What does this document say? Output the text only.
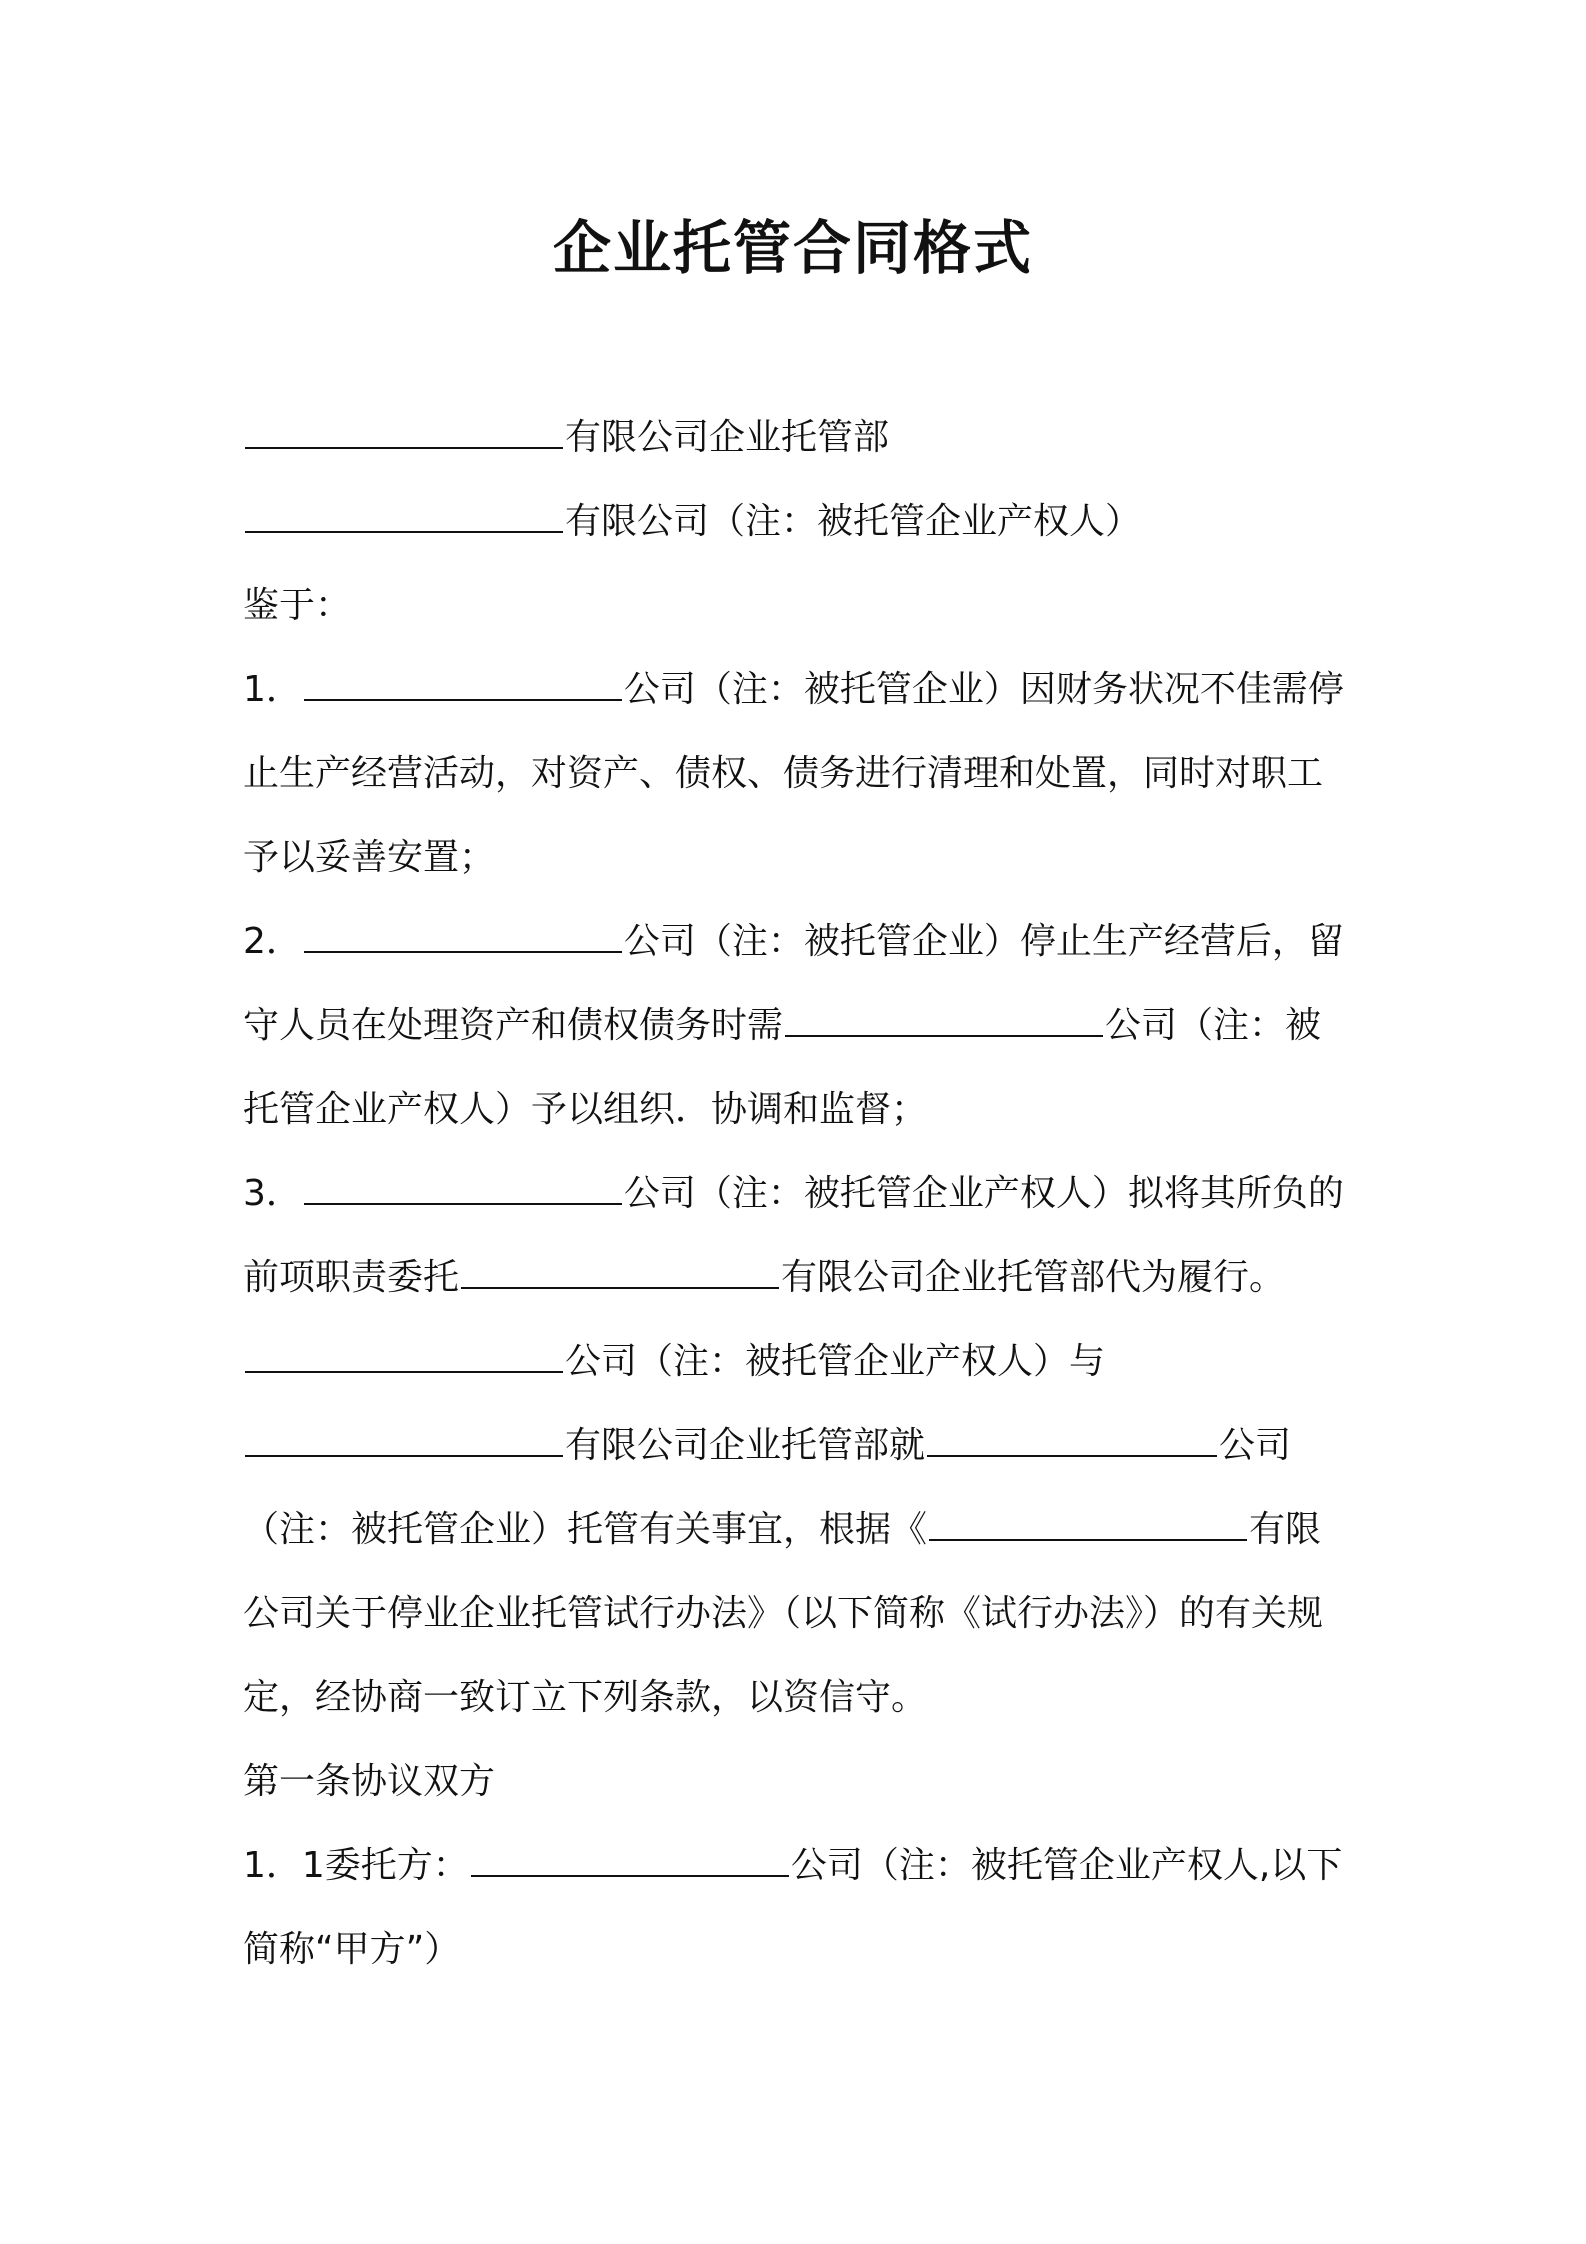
企业托管合同格式
有限公司企业托管部
有限公司（注：被托管企业产权人）
鉴于：
1．	公司（注：被托管企业）因财务状况不佳需停
止生产经营活动，对资产、债权、债务进行清理和处置，同时对职工
予以妥善安置；
2．	公司（注：被托管企业）停止生产经营后，留
守人员在处理资产和债权债务时需	公司（注：被
托管企业产权人）予以组织．协调和监督；
3．	公司（注：被托管企业产权人）拟将其所负的
前项职责委托	有限公司企业托管部代为履行。
公司（注：被托管企业产权人）与
有限公司企业托管部就	公司
（注：被托管企业）托管有关事宜，根据《	有限
公司关于停业企业托管试行办法》（以下简称《试行办法》）的有关规
定，经协商一致订立下列条款，以资信守。
第一条协议双方
1．1委托方：	公司（注：被托管企业产权人,以下
简称“甲方”）
